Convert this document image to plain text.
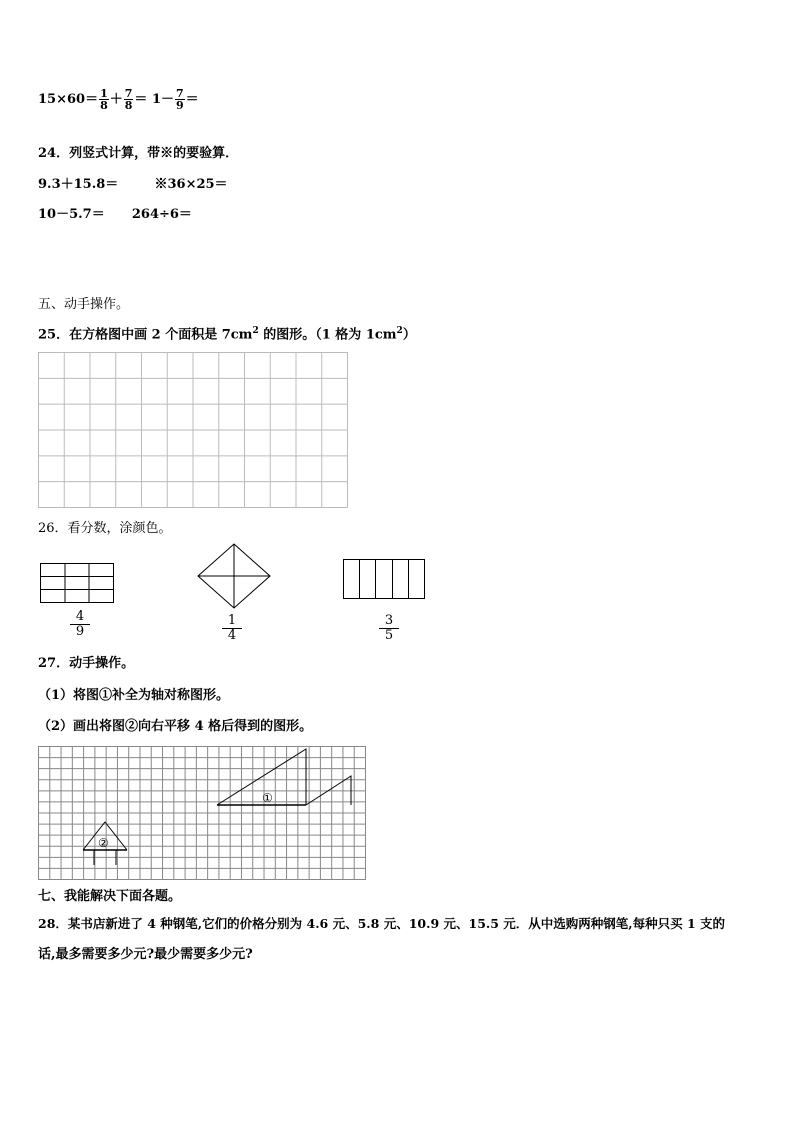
$15\times 60= \frac{1}{8} + \frac{7}{8} = 1- \frac{7}{9}$ ＝
24．列竖式计算，带※的要验算．
9.3＋15.8＝        ※36×25＝
10－5.7＝      264÷6＝
五、动手操作。
25．在方格图中画 2 个面积是 $7cm^2$ 的图形。（1 格为 $1cm^2$）
26．看分数，涂颜色。
4
9
1
4
3
5
27．动手操作。
（1）将图①补全为轴对称图形。
（2）画出将图②向右平移 4 格后得到的图形。
①
②
七、我能解决下面各题。
28．某书店新进了 4 种钢笔,它们的价格分别为 4.6 元、5.8 元、10.9 元、15.5 元．从中选购两种钢笔,每种只买 1 支的
话,最多需要多少元?最少需要多少元?
